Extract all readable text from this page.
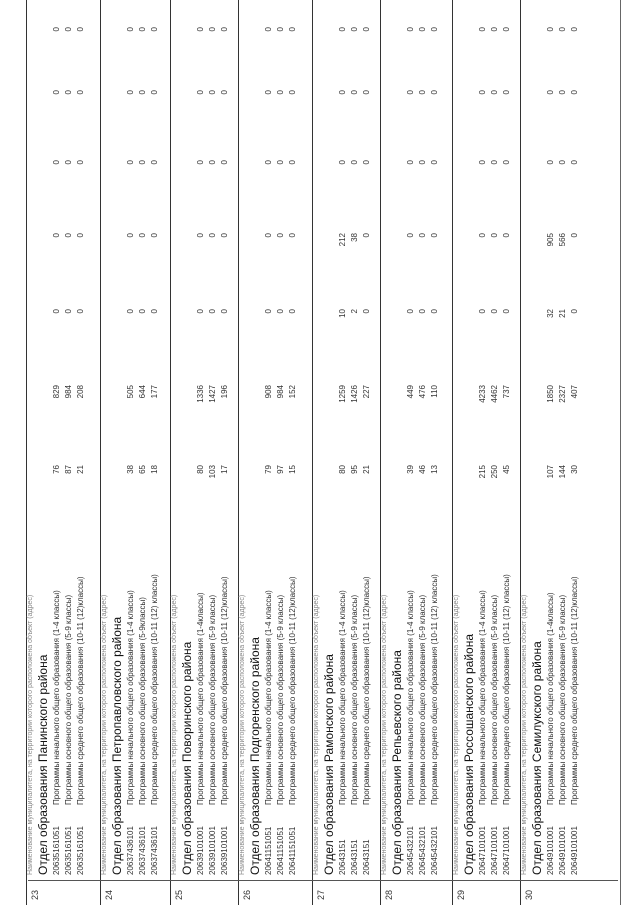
23
Наименование муниципалитета, на территории которого расположена объект (адрес) Отдел образования Панинского района 20635161051
Программы начального общего образования (1-4 классы)
76
829
0
0
0
0
0
20635161051
Программы основного общего образования (5-9 классы)
87
984
0
0
0
0
0
20635161051
Программы среднего общего образования (10-11 (12)классы)
21
208
0
0
0
0
0
24
Наименование муниципалитета, на территории которого расположена объект (адрес) Отдел образования Петропавловского района 20637436101
Программы начального общего образования (1-4 классы)
38
505
0
0
0
0
0
20637436101
Программы основного общего образования (5-9классы)
65
644
0
0
0
0
0
20637436101
Программы среднего общего образования (10-11 (12) классы)
18
177
0
0
0
0
0
25
Наименование муниципалитета, на территории которого расположена объект (адрес) Отдел образования Поворинского района 20639101001
Программы начального общего образования (1-4классы)
80
1336
0
0
0
0
0
20639101001
Программы основного общего образования (5-9 классы)
103
1427
0
0
0
0
0
20639101001
Программы среднего общего образования (10-11 (12)классы)
17
196
0
0
0
0
0
26
Наименование муниципалитета, на территории которого расположена объект (адрес) Отдел образования Подгоренского района 20641151051
Программы начального общего образования (1-4 классы)
79
908
0
0
0
0
0
20641151051
Программы основного общего образования (5-9 классы)
97
984
0
0
0
0
0
20641151051
Программы среднего общего образования (10-11 (12)классы)
15
152
0
0
0
0
0
27
Наименование муниципалитета, на территории которого расположена объект (адрес) Отдел образования Рамонского района 20643151
Программы начального общего образования (1-4 классы)
80
1259
10
212
0
0
0
20643151
Программы основного общего образования (5-9 классы)
95
1426
2
38
0
0
0
20643151
Программы среднего общего образования (10-11 (12)классы)
21
227
0
0
0
0
0
28
Наименование муниципалитета, на территории которого расположена объект (адрес) Отдел образования Репьевского района 20645432101
Программы начального общего образования (1-4 классы)
39
449
0
0
0
0
0
20645432101
Программы основного общего образования (5-9 классы)
46
476
0
0
0
0
0
20645432101
Программы среднего общего образования (10-11 (12) классы)
13
110
0
0
0
0
0
29
Наименование муниципалитета, на территории которого расположена объект (адрес) Отдел образования Россошанского района 20647101001
Программы начального общего образования (1-4 классы)
215
4233
0
0
0
0
0
20647101001
Программы основного общего образования (5-9 классы)
250
4462
0
0
0
0
0
20647101001
Программы среднего общего образования (10-11 (12) классы)
45
737
0
0
0
0
0
30
Наименование муниципалитета, на территории которого расположена объект (адрес) Отдел образования Семилукского района 20649101001
Программы начального общего образования (1-4классы)
107
1850
32
905
0
0
0
20649101001
Программы основного общего образования (5-9 классы)
144
2327
21
566
0
0
0
20649101001
Программы среднего общего образования (10-11 (12)классы)
30
407
0
0
0
0
0
